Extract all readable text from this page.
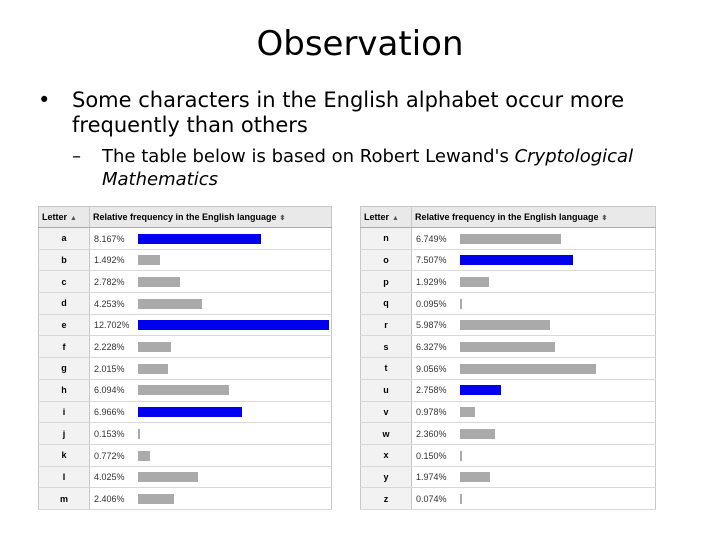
Observation
• Some characters in the English alphabet occur more frequently than others
– The table below is based on Robert Lewand's Cryptological Mathematics
Letter ▲	Relative frequency in the English language ⬍
a	8.167%
b	1.492%
c	2.782%
d	4.253%
e	12.702%
f	2.228%
g	2.015%
h	6.094%
i	6.966%
j	0.153%
k	0.772%
l	4.025%
m	2.406%
Letter ▲	Relative frequency in the English language ⬍
n	6.749%
o	7.507%
p	1.929%
q	0.095%
r	5.987%
s	6.327%
t	9.056%
u	2.758%
v	0.978%
w	2.360%
x	0.150%
y	1.974%
z	0.074%
